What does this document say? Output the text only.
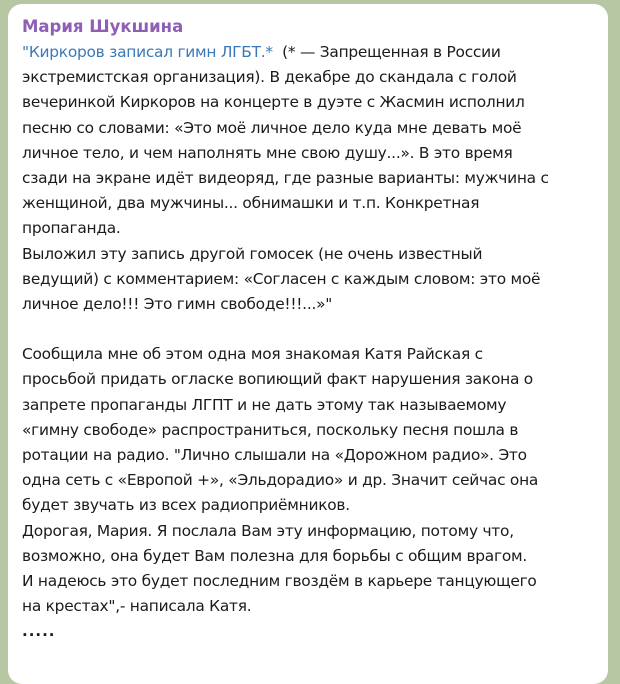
Мария Шукшина
"Киркоров записал гимн ЛГБТ.*  (* — Запрещенная в России
экстремистская организация). В декабре до скандала с голой
вечеринкой Киркоров на концерте в дуэте с Жасмин исполнил
песню со словами: «Это моё личное дело куда мне девать моё
личное тело, и чем наполнять мне свою душу...». В это время
сзади на экране идёт видеоряд, где разные варианты: мужчина с
женщиной, два мужчины... обнимашки и т.п. Конкретная
пропаганда.
Выложил эту запись другой гомосек (не очень известный
ведущий) с комментарием: «Согласен с каждым словом: это моё
личное дело!!! Это гимн свободе!!!...»"
Сообщила мне об этом одна моя знакомая Катя Райская с
просьбой придать огласке вопиющий факт нарушения закона о
запрете пропаганды ЛГПТ и не дать этому так называемому
«гимну свободе» распространиться, поскольку песня пошла в
ротации на радио. "Лично слышали на «Дорожном радио». Это
одна сеть с «Европой +», «Эльдорадио» и др. Значит сейчас она
будет звучать из всех радиоприёмников.
Дорогая, Мария. Я послала Вам эту информацию, потому что,
возможно, она будет Вам полезна для борьбы с общим врагом.
И надеюсь это будет последним гвоздём в карьере танцующего
на крестах",- написала Катя.
.....
